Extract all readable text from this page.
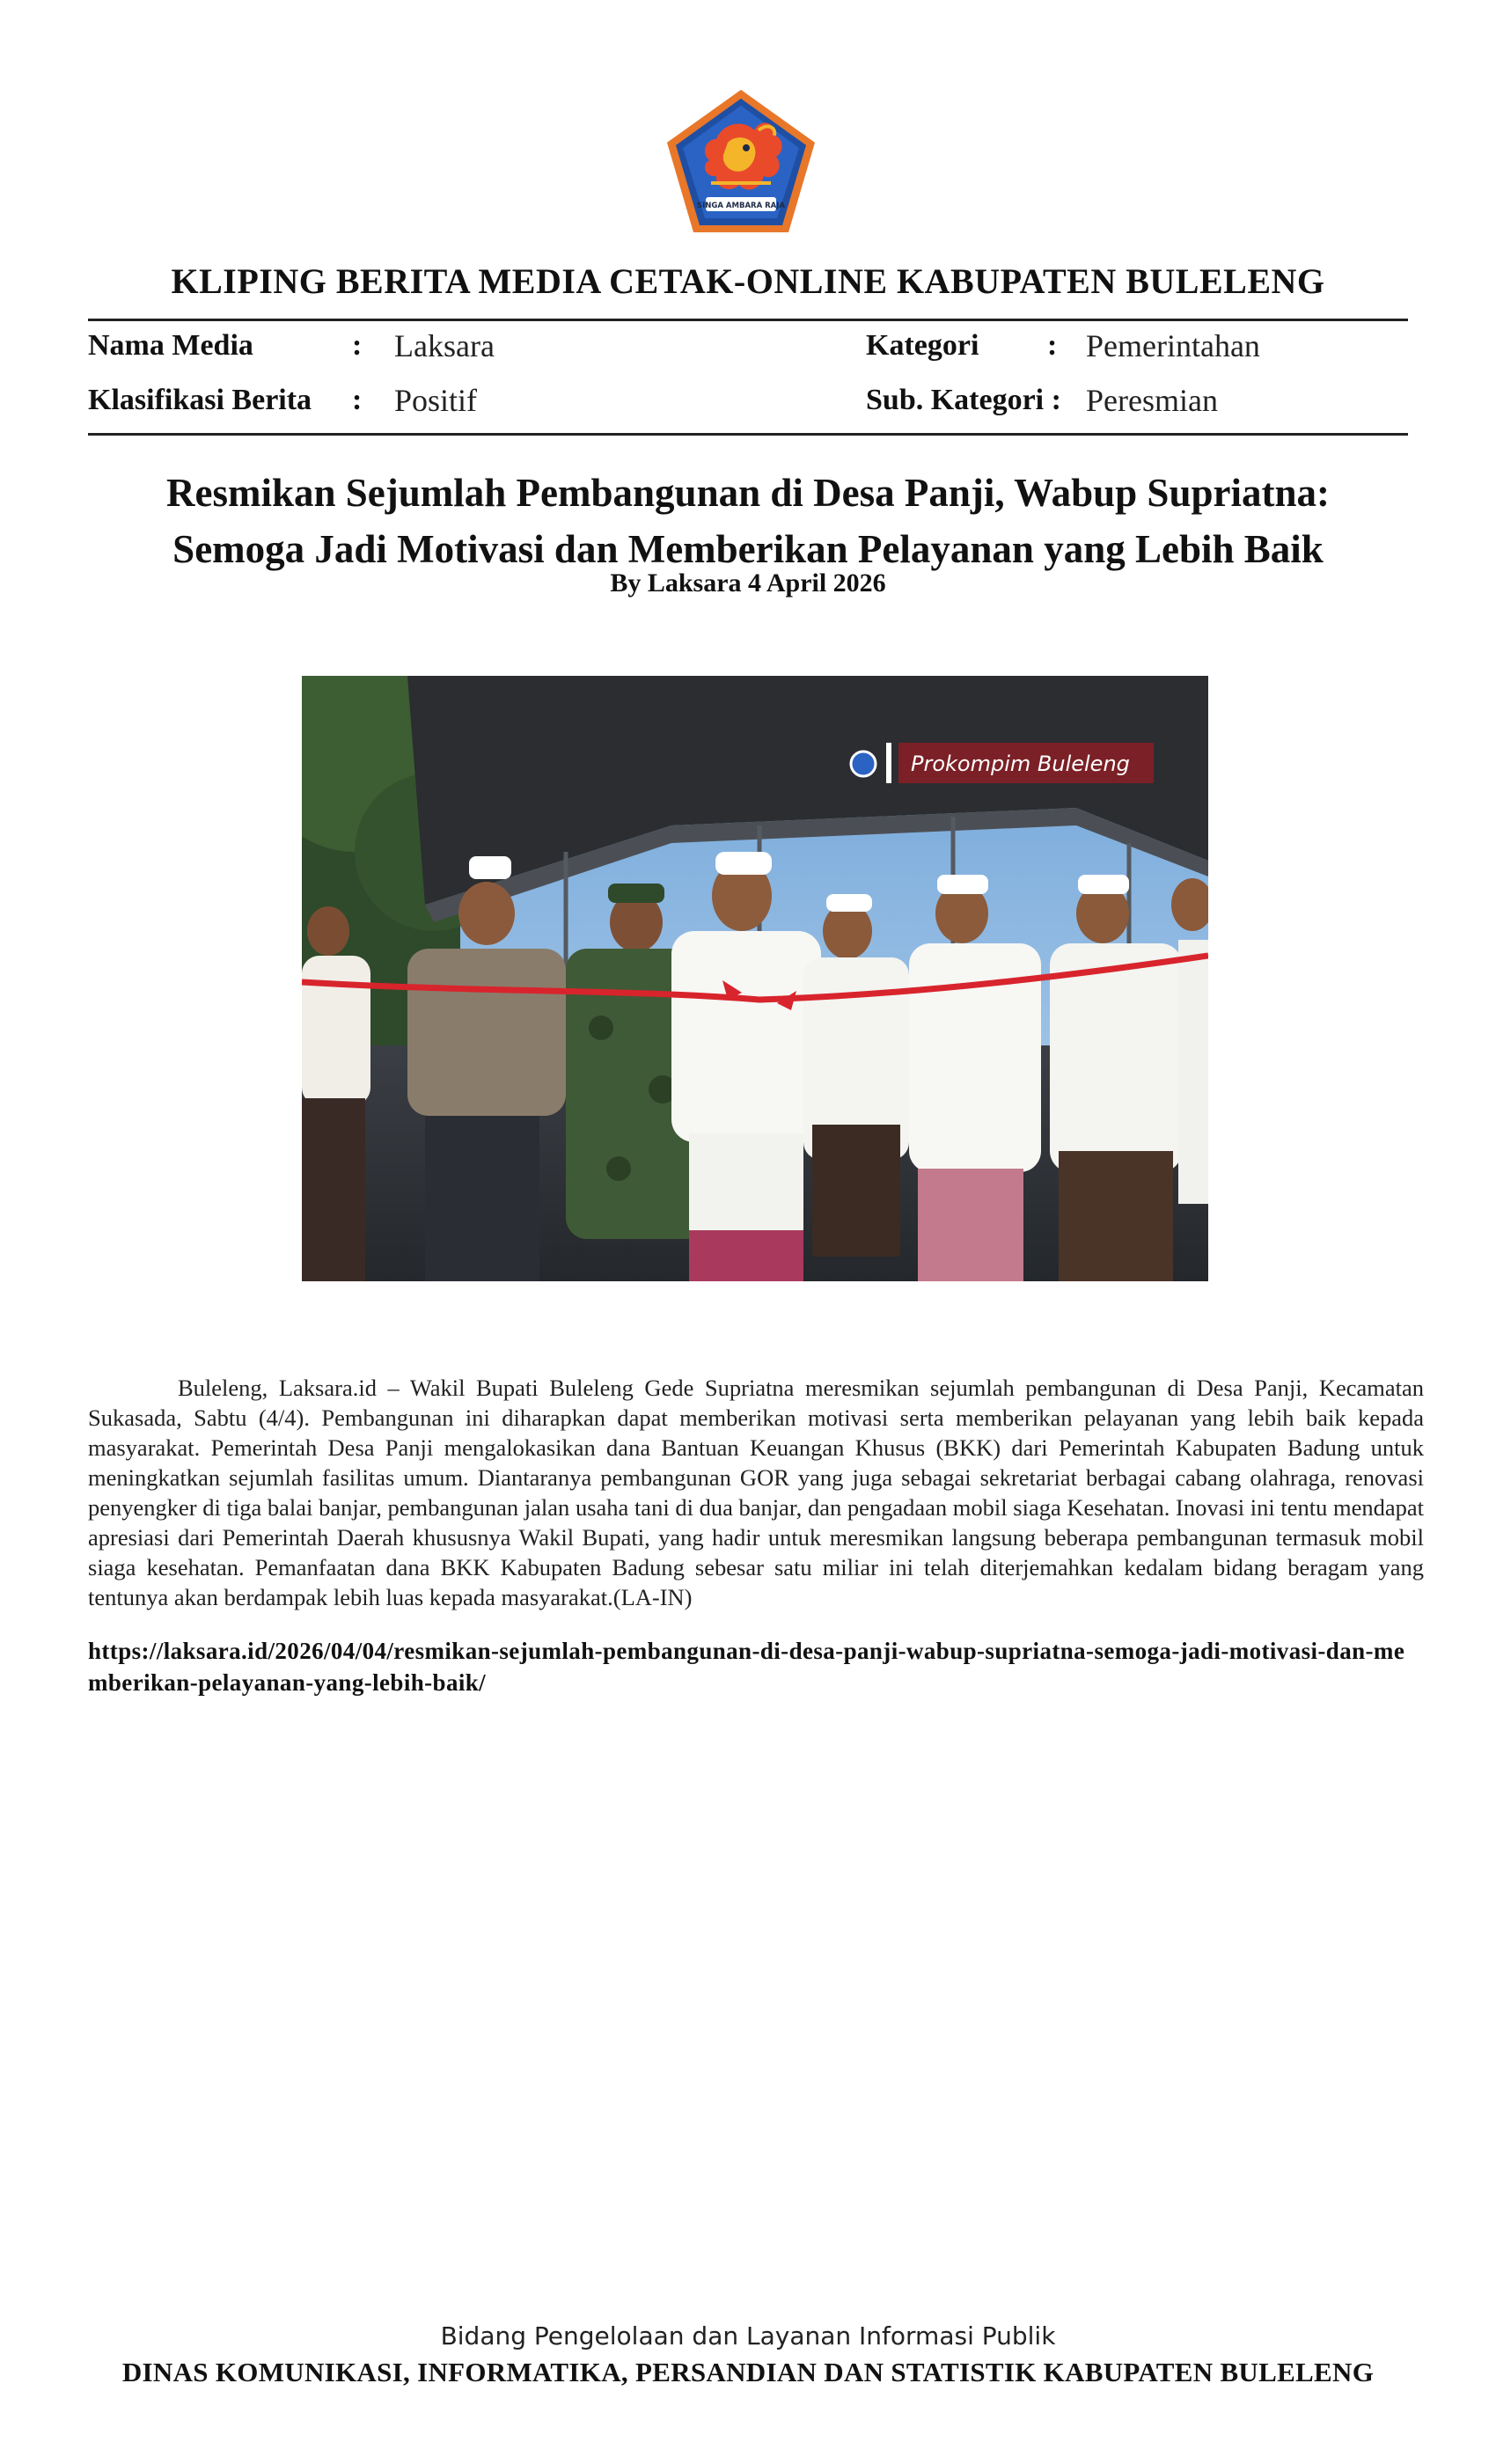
SINGA AMBARA RAJA
KLIPING BERITA MEDIA CETAK-ONLINE KABUPATEN BULELENG
Nama Media	: Laksara	Kategori : Pemerintahan
Klasifikasi Berita : Positif	Sub. Kategori : Peresmian
Resmikan Sejumlah Pembangunan di Desa Panji, Wabup Supriatna:
Semoga Jadi Motivasi dan Memberikan Pelayanan yang Lebih Baik
By Laksara 4 April 2026
Prokompim Buleleng
Buleleng, Laksara.id – Wakil Bupati Buleleng Gede Supriatna meresmikan sejumlah pembangunan di Desa Panji, Kecamatan Sukasada, Sabtu (4/4). Pembangunan ini diharapkan dapat memberikan motivasi serta memberikan pelayanan yang lebih baik kepada masyarakat. Pemerintah Desa Panji mengalokasikan dana Bantuan Keuangan Khusus (BKK) dari Pemerintah Kabupaten Badung untuk meningkatkan sejumlah fasilitas umum. Diantaranya pembangunan GOR yang juga sebagai sekretariat berbagai cabang olahraga, renovasi penyengker di tiga balai banjar, pembangunan jalan usaha tani di dua banjar, dan pengadaan mobil siaga Kesehatan. Inovasi ini tentu mendapat apresiasi dari Pemerintah Daerah khususnya Wakil Bupati, yang hadir untuk meresmikan langsung beberapa pembangunan termasuk mobil siaga kesehatan. Pemanfaatan dana BKK Kabupaten Badung sebesar satu miliar ini telah diterjemahkan kedalam bidang beragam yang tentunya akan berdampak lebih luas kepada masyarakat.(LA-IN)
https://laksara.id/2026/04/04/resmikan-sejumlah-pembangunan-di-desa-panji-wabup-supriatna-semoga-jadi-motivasi-dan-memberikan-pelayanan-yang-lebih-baik/
Bidang Pengelolaan dan Layanan Informasi Publik
DINAS KOMUNIKASI, INFORMATIKA, PERSANDIAN DAN STATISTIK KABUPATEN BULELENG
